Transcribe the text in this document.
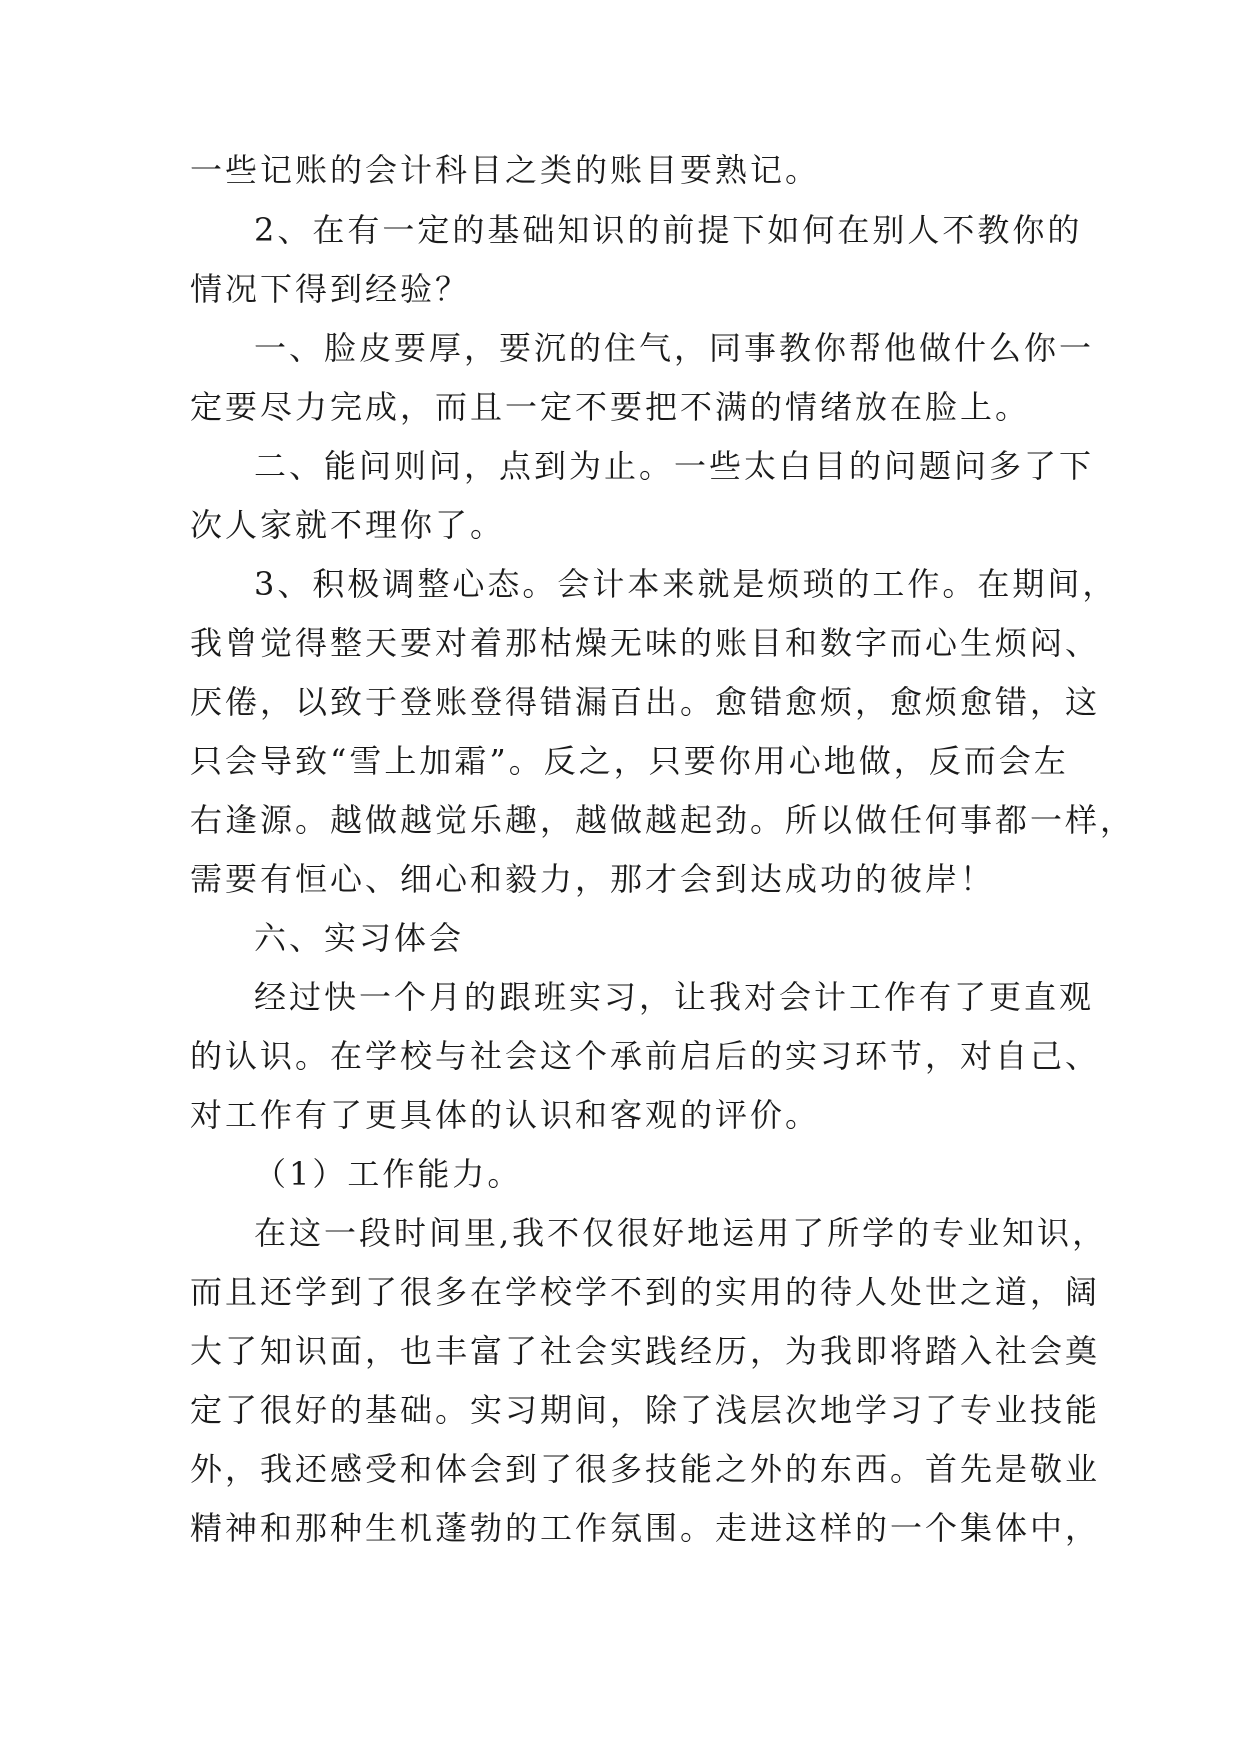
一些记账的会计科目之类的账目要熟记。
2、在有一定的基础知识的前提下如何在别人不教你的
情况下得到经验？
一、脸皮要厚，要沉的住气，同事教你帮他做什么你一
定要尽力完成，而且一定不要把不满的情绪放在脸上。
二、能问则问，点到为止。一些太白目的问题问多了下
次人家就不理你了。
3、积极调整心态。会计本来就是烦琐的工作。在期间，
我曾觉得整天要对着那枯燥无味的账目和数字而心生烦闷、
厌倦，以致于登账登得错漏百出。愈错愈烦，愈烦愈错，这
只会导致“雪上加霜”。反之，只要你用心地做，反而会左
右逢源。越做越觉乐趣，越做越起劲。所以做任何事都一样，
需要有恒心、细心和毅力，那才会到达成功的彼岸！
六、实习体会
经过快一个月的跟班实习，让我对会计工作有了更直观
的认识。在学校与社会这个承前启后的实习环节，对自己、
对工作有了更具体的认识和客观的评价。
（1）工作能力。
在这一段时间里,我不仅很好地运用了所学的专业知识，
而且还学到了很多在学校学不到的实用的待人处世之道，阔
大了知识面，也丰富了社会实践经历，为我即将踏入社会奠
定了很好的基础。实习期间，除了浅层次地学习了专业技能
外，我还感受和体会到了很多技能之外的东西。首先是敬业
精神和那种生机蓬勃的工作氛围。走进这样的一个集体中，
